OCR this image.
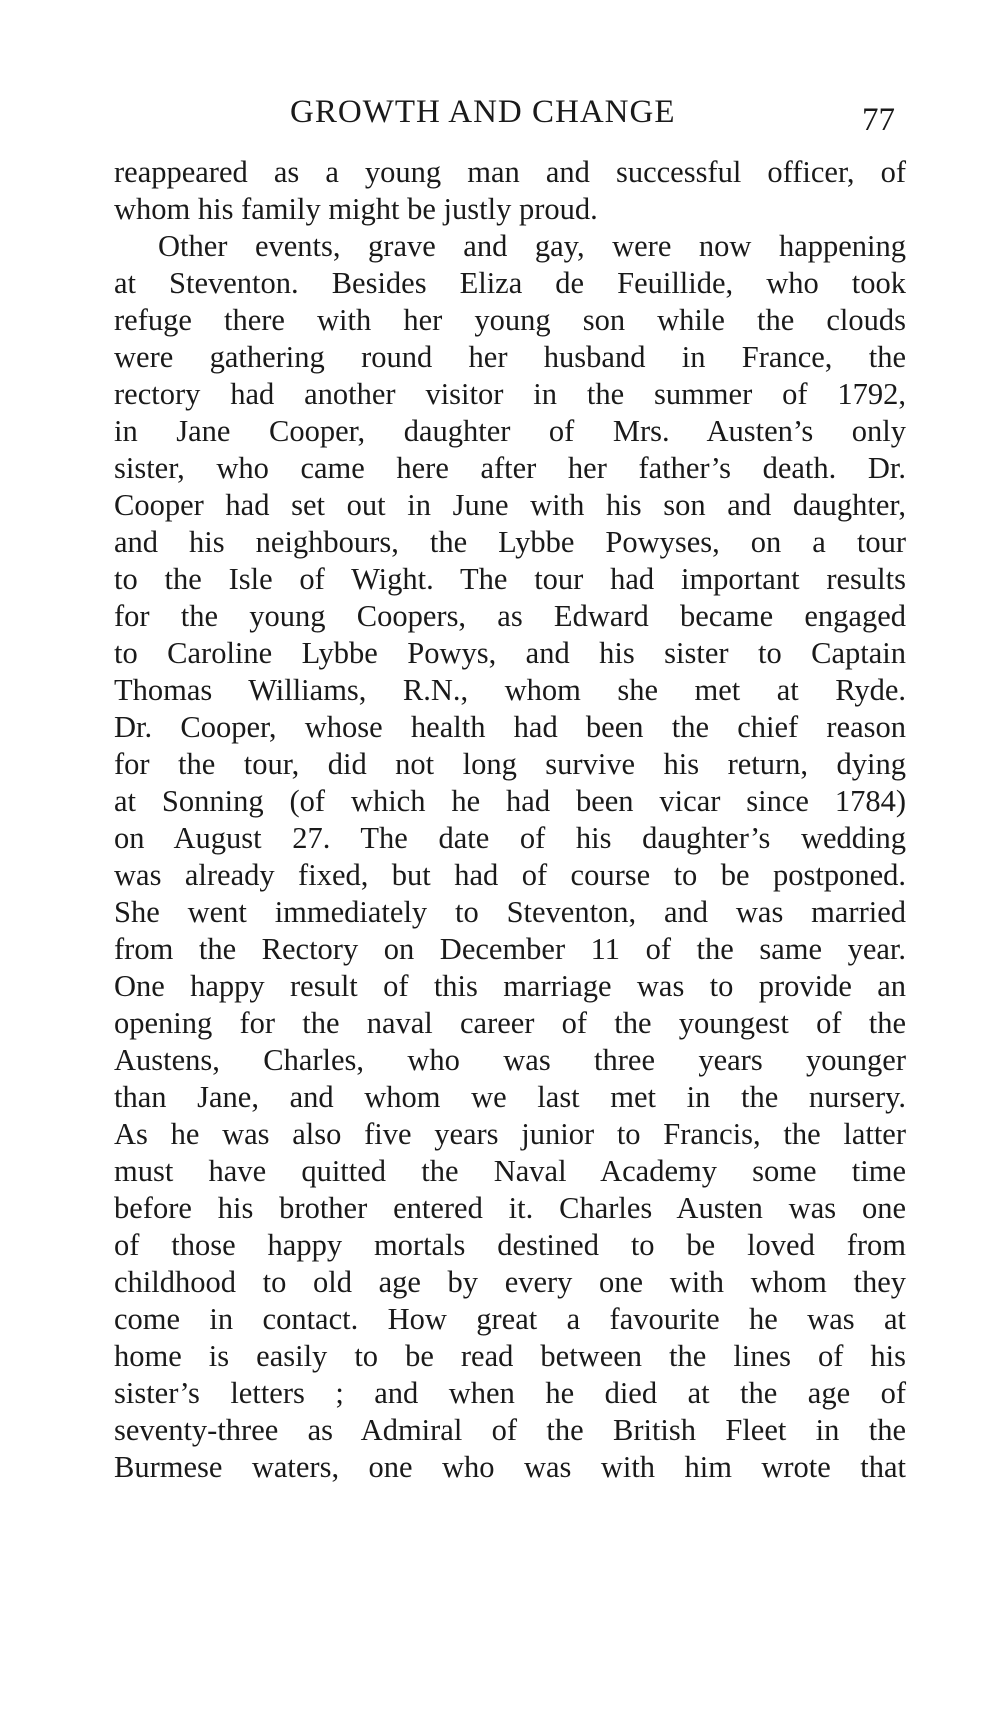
GROWTH AND CHANGE	77
reappeared as a young man and successful officer, of
whom his family might be justly proud.
Other events, grave and gay, were now happening
at Steventon. Besides Eliza de Feuillide, who took
refuge there with her young son while the clouds
were gathering round her husband in France, the
rectory had another visitor in the summer of 1792,
in Jane Cooper, daughter of Mrs. Austen’s only
sister, who came here after her father’s death. Dr.
Cooper had set out in June with his son and daughter,
and his neighbours, the Lybbe Powyses, on a tour
to the Isle of Wight. The tour had important results
for the young Coopers, as Edward became engaged
to Caroline Lybbe Powys, and his sister to Captain
Thomas Williams, R.N., whom she met at Ryde.
Dr. Cooper, whose health had been the chief reason
for the tour, did not long survive his return, dying
at Sonning (of which he had been vicar since 1784)
on August 27. The date of his daughter’s wedding
was already fixed, but had of course to be postponed.
She went immediately to Steventon, and was married
from the Rectory on December 11 of the same year.
One happy result of this marriage was to provide an
opening for the naval career of the youngest of the
Austens, Charles, who was three years younger
than Jane, and whom we last met in the nursery.
As he was also five years junior to Francis, the latter
must have quitted the Naval Academy some time
before his brother entered it. Charles Austen was one
of those happy mortals destined to be loved from
childhood to old age by every one with whom they
come in contact. How great a favourite he was at
home is easily to be read between the lines of his
sister’s letters ; and when he died at the age of
seventy-three as Admiral of the British Fleet in the
Burmese waters, one who was with him wrote that
